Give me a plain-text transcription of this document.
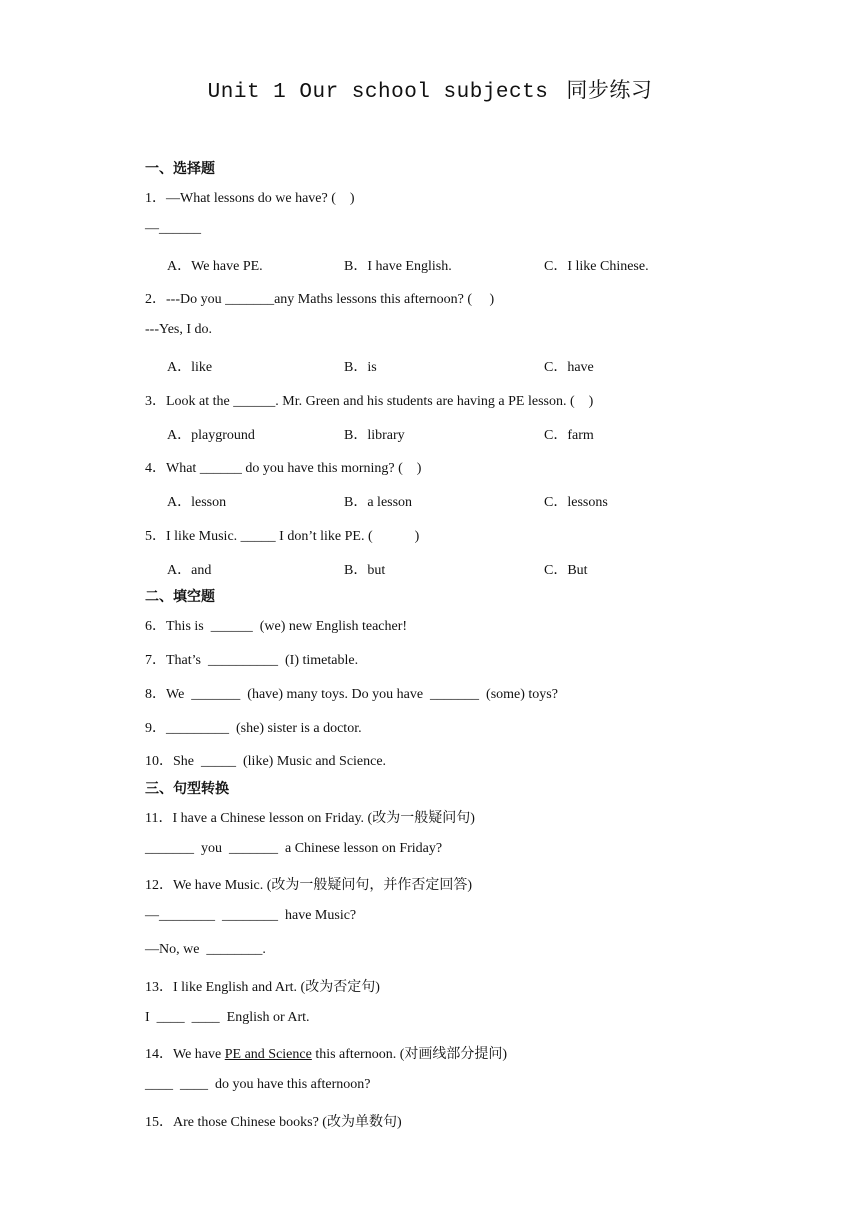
Unit 1 Our school subjects 同步练习
一、选择题
1．—What lessons do we have? (    )
—______
A．We have PE.	B．I have English.	C．I like Chinese.
2．---Do you _______any Maths lessons this afternoon? (     )
---Yes, I do.
A．like	B．is	C．have
3．Look at the ______. Mr. Green and his students are having a PE lesson. (    )
A．playground	B．library	C．farm
4．What ______ do you have this morning? (    )
A．lesson	B．a lesson	C．lessons
5．I like Music. _____ I don’t like PE. (            )
A．and	B．but	C．But
二、填空题
6．This is  ______  (we) new English teacher!
7．That’s  __________  (I) timetable.
8．We  _______  (have) many toys. Do you have  _______  (some) toys?
9．_________  (she) sister is a doctor.
10．She  _____  (like) Music and Science.
三、句型转换
11．I have a Chinese lesson on Friday. (改为一般疑问句)
_______  you  _______  a Chinese lesson on Friday?
12．We have Music. (改为一般疑问句，并作否定回答)
—________  ________  have Music?
—No, we  ________.
13．I like English and Art. (改为否定句)
I  ____  ____  English or Art.
14．We have PE and Science this afternoon. (对画线部分提问)
____  ____  do you have this afternoon?
15．Are those Chinese books? (改为单数句)
